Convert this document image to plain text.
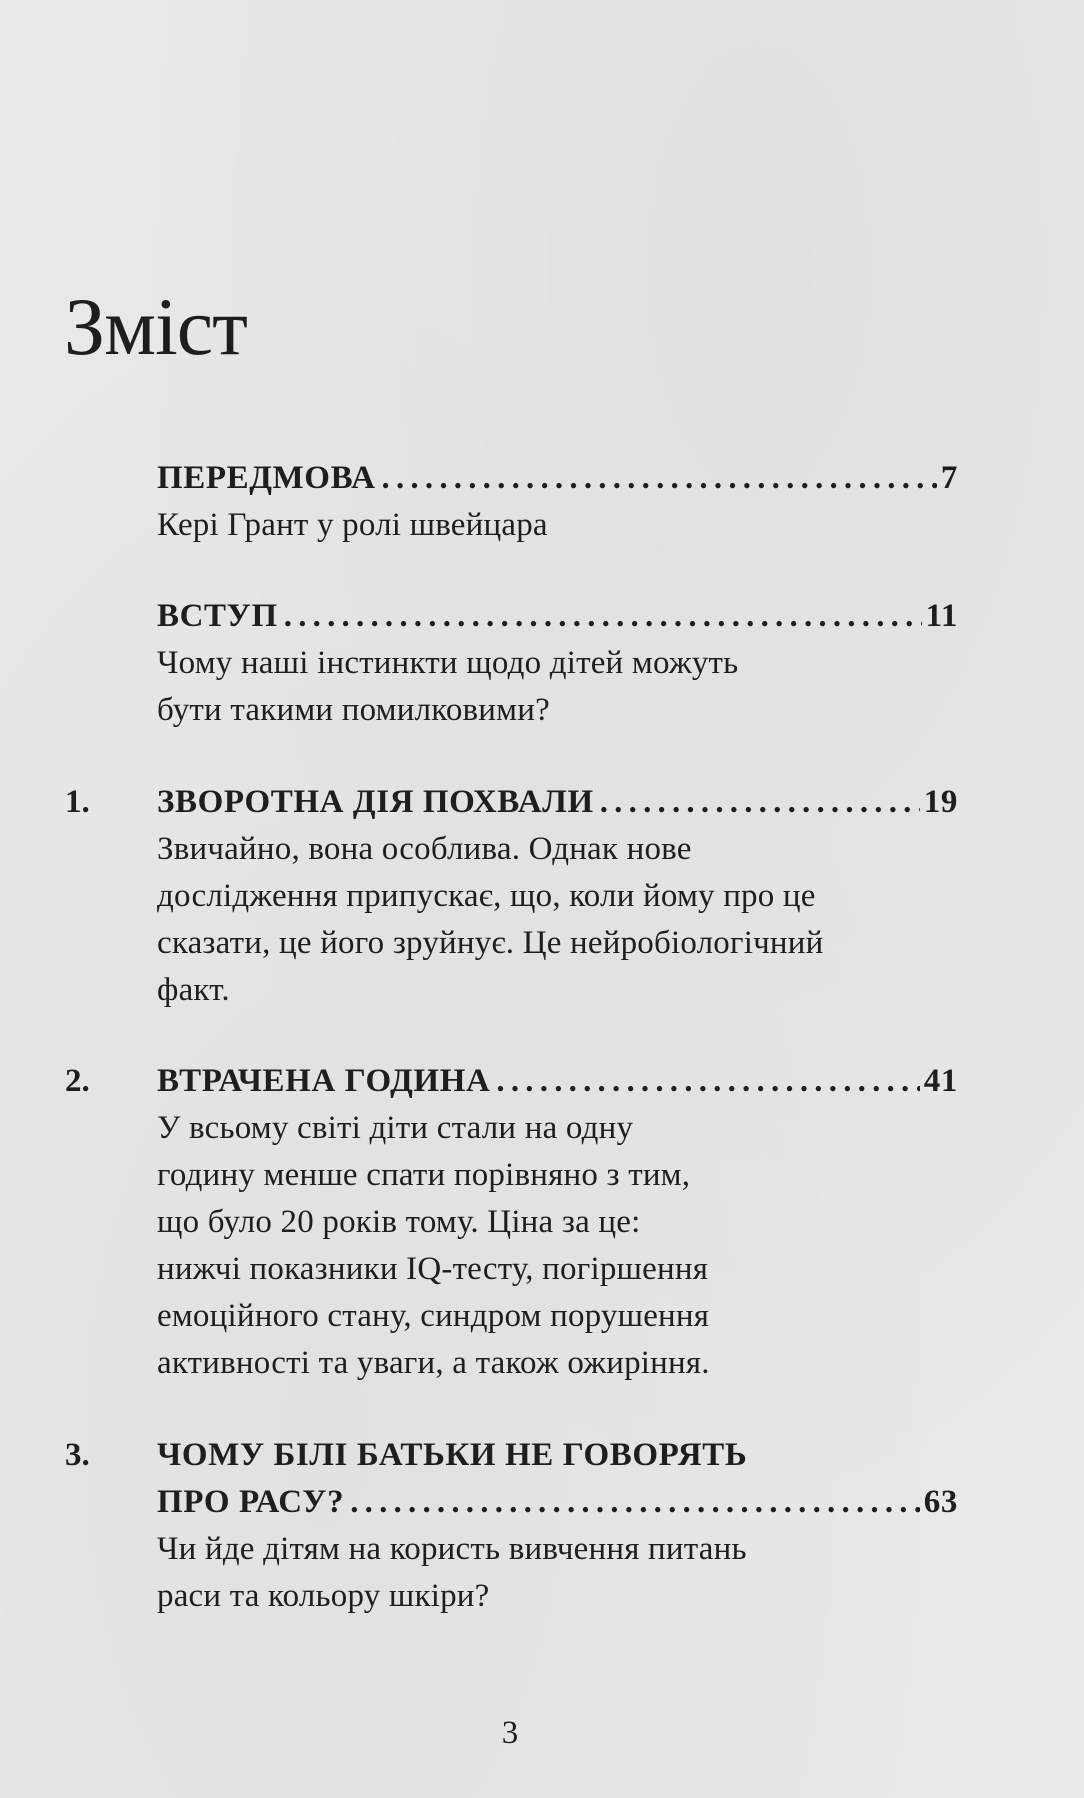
Зміст
ПЕРЕДМОВА .....	7
Кері Грант у ролі швейцара
ВСТУП .....	11
Чому наші інстинкти щодо дітей можуть
бути такими помилковими?
1. ЗВОРОТНА ДІЯ ПОХВАЛИ .....	19
Звичайно, вона особлива. Однак нове
дослідження припускає, що, коли йому про це
сказати, це його зруйнує. Це нейробіологічний
факт.
2. ВТРАЧЕНА ГОДИНА .....	41
У всьому світі діти стали на одну
годину менше спати порівняно з тим,
що було 20 років тому. Ціна за це:
нижчі показники IQ-тесту, погіршення
емоційного стану, синдром порушення
активності та уваги, а також ожиріння.
3. ЧОМУ БІЛІ БАТЬКИ НЕ ГОВОРЯТЬ
ПРО РАСУ? .....	63
Чи йде дітям на користь вивчення питань
раси та кольору шкіри?
3
